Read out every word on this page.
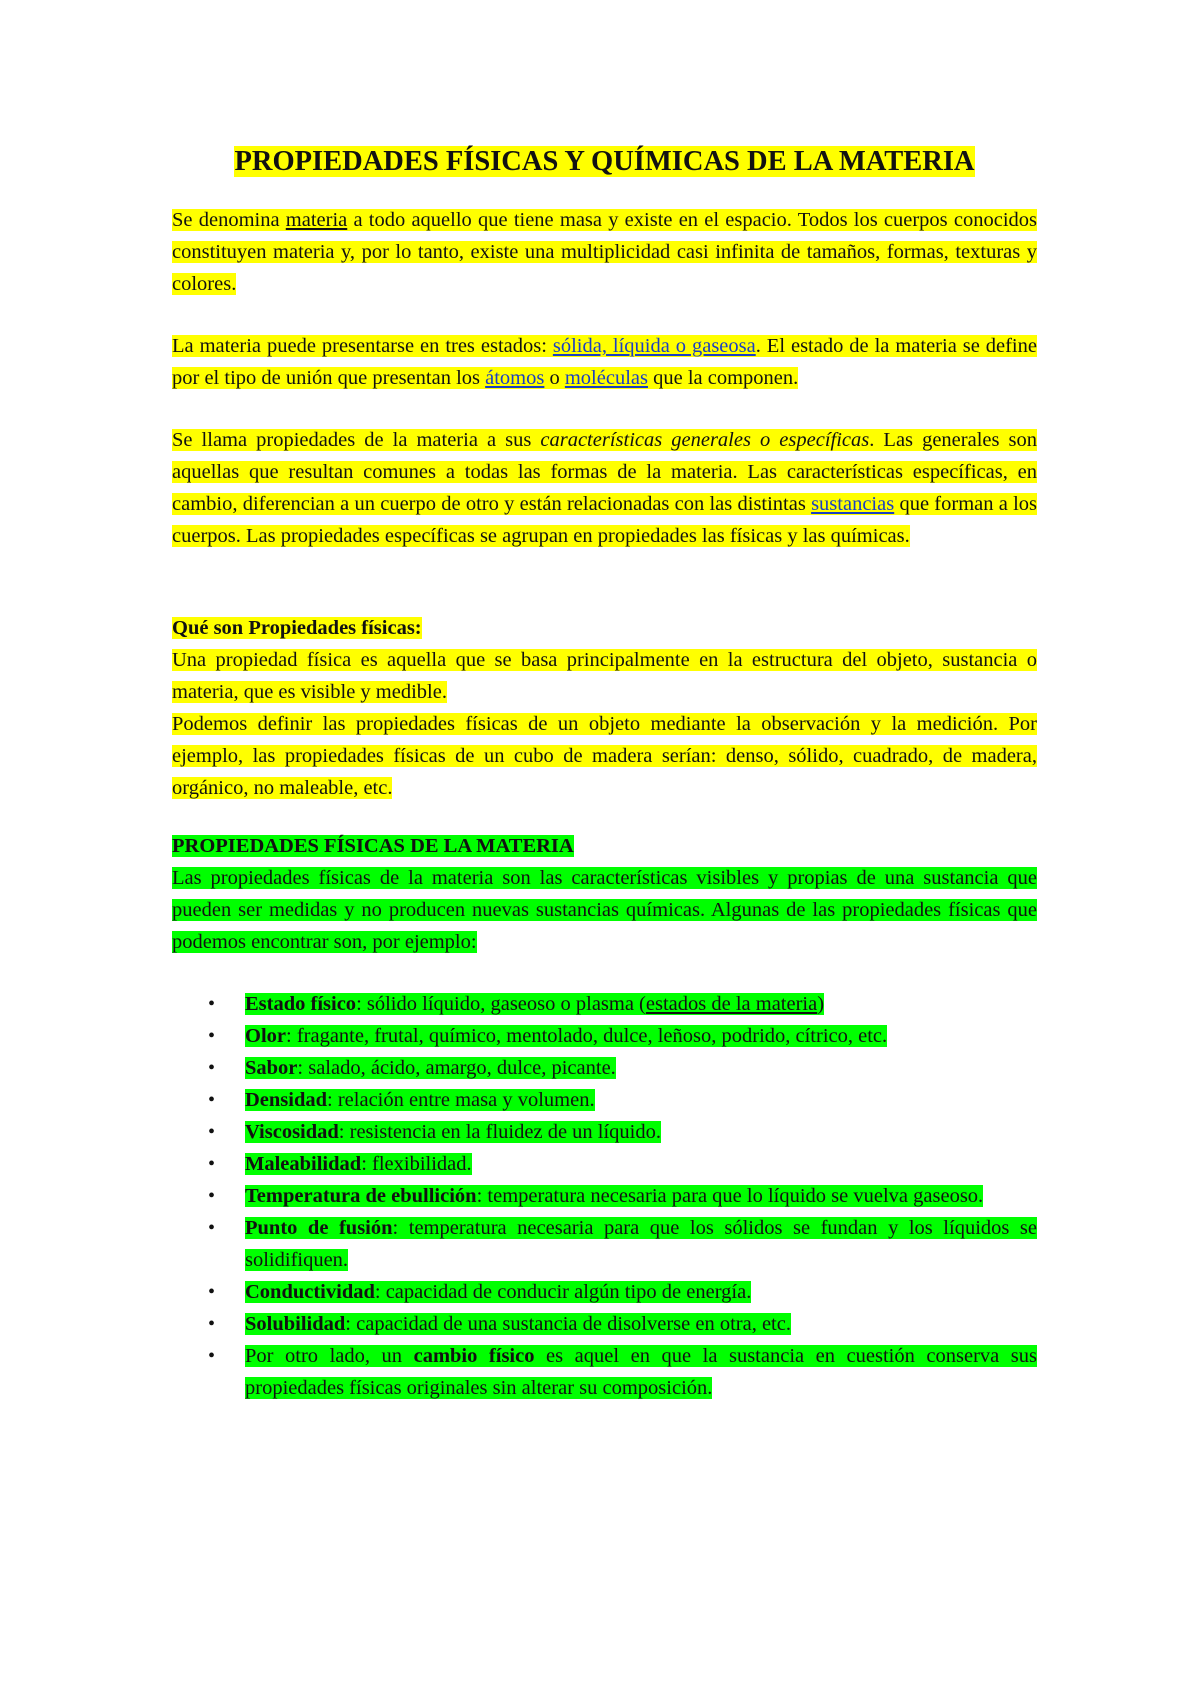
PROPIEDADES FÍSICAS Y QUÍMICAS DE LA MATERIA

Se denomina materia a todo aquello que tiene masa y existe en el espacio. Todos los cuerpos conocidos constituyen materia y, por lo tanto, existe una multiplicidad casi infinita de tamaños, formas, texturas y colores.

La materia puede presentarse en tres estados: sólida, líquida o gaseosa. El estado de la materia se define por el tipo de unión que presentan los átomos o moléculas que la componen.

Se llama propiedades de la materia a sus características generales o específicas. Las generales son aquellas que resultan comunes a todas las formas de la materia. Las características específicas, en cambio, diferencian a un cuerpo de otro y están relacionadas con las distintas sustancias que forman a los cuerpos. Las propiedades específicas se agrupan en propiedades las físicas y las químicas.

Qué son Propiedades físicas:

Una propiedad física es aquella que se basa principalmente en la estructura del objeto, sustancia o materia, que es visible y medible.

Podemos definir las propiedades físicas de un objeto mediante la observación y la medición. Por ejemplo, las propiedades físicas de un cubo de madera serían: denso, sólido, cuadrado, de madera, orgánico, no maleable, etc.

PROPIEDADES FÍSICAS DE LA MATERIA

Las propiedades físicas de la materia son las características visibles y propias de una sustancia que pueden ser medidas y no producen nuevas sustancias químicas. Algunas de las propiedades físicas que podemos encontrar son, por ejemplo:

• Estado físico: sólido líquido, gaseoso o plasma (estados de la materia)
• Olor: fragante, frutal, químico, mentolado, dulce, leñoso, podrido, cítrico, etc.
• Sabor: salado, ácido, amargo, dulce, picante.
• Densidad: relación entre masa y volumen.
• Viscosidad: resistencia en la fluidez de un líquido.
• Maleabilidad: flexibilidad.
• Temperatura de ebullición: temperatura necesaria para que lo líquido se vuelva gaseoso.
• Punto de fusión: temperatura necesaria para que los sólidos se fundan y los líquidos se solidifiquen.
• Conductividad: capacidad de conducir algún tipo de energía.
• Solubilidad: capacidad de una sustancia de disolverse en otra, etc.
• Por otro lado, un cambio físico es aquel en que la sustancia en cuestión conserva sus propiedades físicas originales sin alterar su composición.
